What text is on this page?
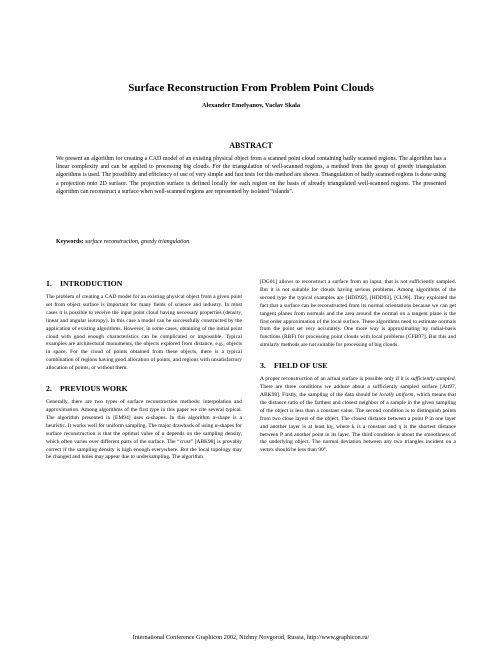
Surface Reconstruction From Problem Point Clouds
Alexander Emelyanov, Vaclav Skala
ABSTRACT
We present an algorithm for creating a CAD model of an existing physical object from a scanned point cloud containing badly scanned regions. The algorithm has a linear complexity and can be applied to processing big clouds. For the triangulation of well-scanned regions, a method from the group of greedy triangulation algorithms is used. The possibility and efficiency of use of very simple and fast tests for this method are shown. Triangulation of badly scanned regions is done using a projection onto 2D surface. The projection surface is defined locally for each region on the basis of already triangulated well-scanned regions. The presented algorithm can reconstruct a surface when well-scanned regions are represented by isolated “islands”.
Keywords: surface reconstruction, greedy triangulation.
1. INTRODUCTION

The problem of creating a CAD model for an existing physical object from a given point set from object surface is important for many fields of science and industry. In most cases it is possible to receive the input point cloud having necessary properties (density, linear and angular isotropy). In this case a model can be successfully constructed by the application of existing algorithms. However, in some cases, obtaining of the initial point cloud with good enough characteristics can be complicated or impossible. Typical examples are architectural monuments, the objects explored from distance, e.g., objects in space. For the cloud of points obtained from these objects, there is a typical combination of regions having good allocation of points, and regions with unsatisfactory allocation of points, or without them.

2. PREVIOUS WORK

Generally, there are two types of surface reconstruction methods: interpolation and approximation. Among algorithms of the first type in this paper we cite several typical. The algorithm presented in [EM94] uses α-shapes. In this algorithm α-shape is a heuristic. It works well for uniform sampling. The major drawback of using α-shapes for surface reconstruction is that the optimal value of α depends on the sampling density, which often varies over different parts of the surface. The “crust” [ABK98] is provably correct if the sampling density is high enough everywhere. But the local topology may be changed and holes may appear due to undersampling. The algorithm

[DG01] allows to reconstruct a surface from an input, that is not sufficiently sampled. But it is not suitable for clouds having serious problems. Among algorithms of the second type the typical examples are [HDD92], [HDD93], [CL96]. They exploited the fact that a surface can be reconstructed from its normal orientations because we can get tangent planes from normals and the area around the normal on a tangent plane is the first order approximation of the local surface. These algorithms need to estimate normals from the point set very accurately. One more way is approximating by radial-basis functions (RBF) for processing point clouds with local problems [CFB97]. But this and similarly methods are not suitable for processing of big clouds.

3. FIELD OF USE

A proper reconstruction of an actual surface is possible only if it is sufficiently sampled. There are three conditions we adduce about a sufficiently sampled surface [Att97, ABK98]. Firstly, the sampling of the data should be locally uniform, which means that the distance ratio of the farthest and closest neighbor of a sample in the given sampling of the object is less than a constant value. The second condition is to distinguish points from two close layers of the object. The closest distance between a point P in one layer and another layer is at least kη, where k is a constant and η is the shortest distance between P and another point in its layer. The third condition is about the smoothness of the underlying object. The normal deviation between any two triangles incident on a vertex should be less than 90°.

International Conference Graphicon 2002, Nizhny Novgorod, Russia, http://www.graphicon.ru/
